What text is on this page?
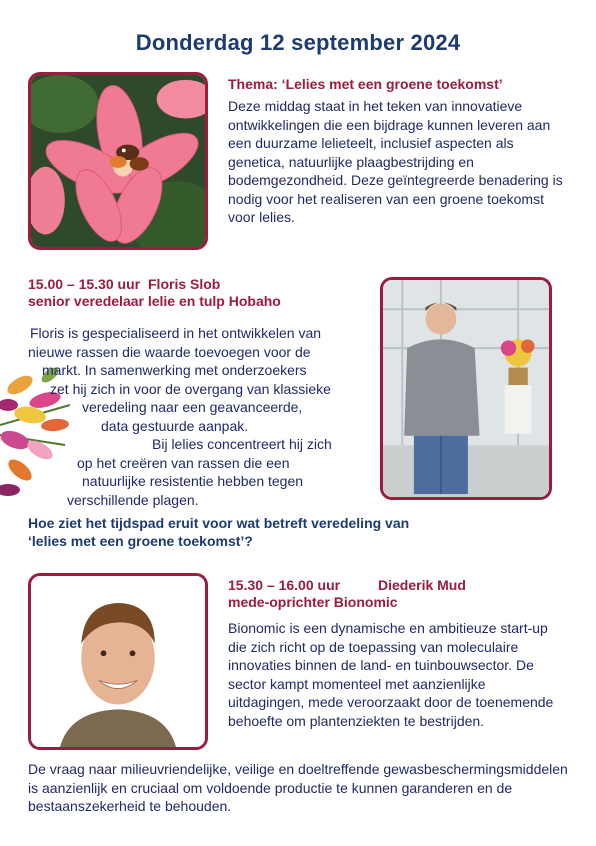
Donderdag 12 september 2024
Thema: ‘Lelies met een groene toekomst’
Deze middag staat in het teken van innovatieve ontwikkelingen die een bijdrage kunnen leveren aan een duurzame lelieteelt, inclusief aspecten als genetica, natuurlijke plaagbestrijding en bodemgezondheid. Deze geïntegreerde benadering is nodig voor het realiseren van een groene toekomst voor lelies.
15.00 – 15.30 uur Floris Slob
senior veredelaar lelie en tulp Hobaho
Floris is gespecialiseerd in het ontwikkelen van
nieuwe rassen die waarde toevoegen voor de
markt. In samenwerking met onderzoekers
zet hij zich in voor de overgang van klassieke
veredeling naar een geavanceerde,
data gestuurde aanpak.
Bij lelies concentreert hij zich
op het creëren van rassen die een
natuurlijke resistentie hebben tegen
verschillende plagen.
Hoe ziet het tijdspad eruit voor wat betreft veredeling van
‘lelies met een groene toekomst’?
15.30 – 16.00 uur	Diederik Mud
mede-oprichter Bionomic
Bionomic is een dynamische en ambitieuze start-up die zich richt op de toepassing van moleculaire innovaties binnen de land- en tuinbouwsector. De sector kampt momenteel met aanzienlijke uitdagingen, mede veroorzaakt door de toenemende behoefte om plantenziekten te bestrijden.
De vraag naar milieuvriendelijke, veilige en doeltreffende gewasbeschermingsmiddelen is aanzienlijk en cruciaal om voldoende productie te kunnen garanderen en de bestaanszekerheid te behouden.
